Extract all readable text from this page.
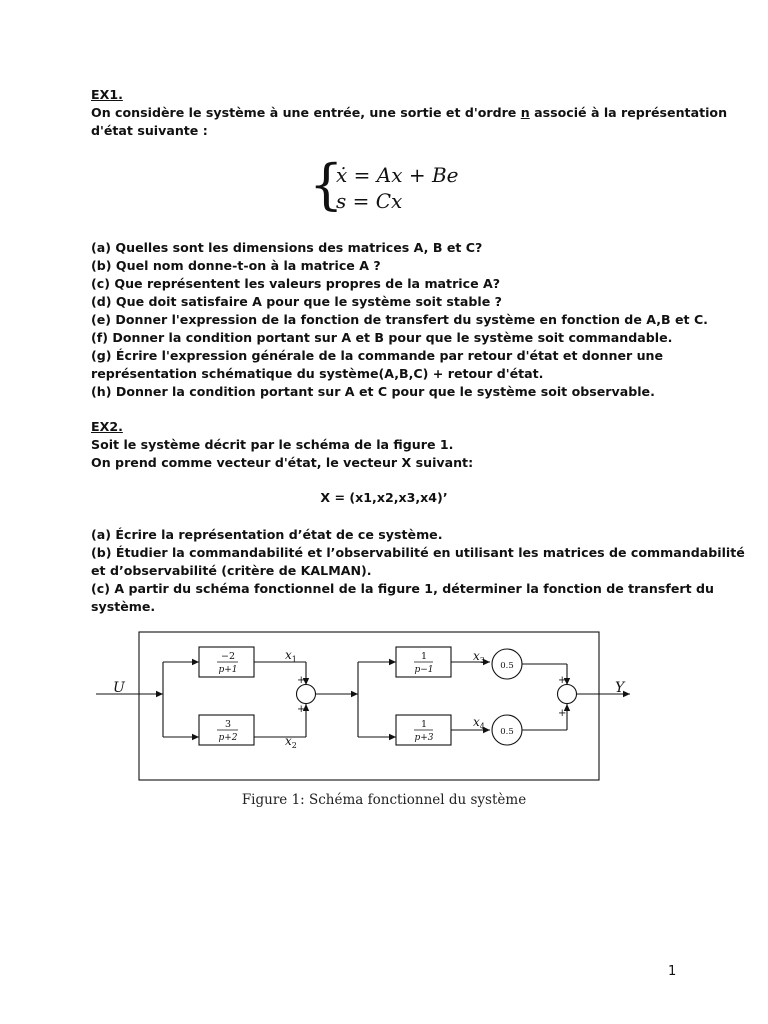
EX1.
On considère le système à une entrée, une sortie et d'ordre n associé à la représentation
d'état suivante :
{
ẋ = Ax + Be
s = Cx
(a) Quelles sont les dimensions des matrices A, B et C?
(b) Quel nom donne-t-on à la matrice A ?
(c) Que représentent les valeurs propres de la matrice A?
(d) Que doit satisfaire A pour que le système soit stable ?
(e) Donner l'expression de la fonction de transfert du système en fonction de A,B et C.
(f) Donner la condition portant sur A et B pour que le système soit commandable.
(g) Écrire l'expression générale de la commande par retour d'état et donner une
représentation schématique du système(A,B,C) + retour d'état.
(h) Donner la condition portant sur A et C pour que le système soit observable.
EX2.
Soit le système décrit par le schéma de la figure 1.
On prend comme vecteur d'état, le vecteur X suivant:
X = (x1,x2,x3,x4)’
(a) Écrire la représentation d’état de ce système.
(b) Étudier la commandabilité et l’observabilité en utilisant les matrices de commandabilité
et d’observabilité (critère de KALMAN).
(c) A partir du schéma fonctionnel de la figure 1, déterminer la fonction de transfert du
système.
U	Y
−2
p+1
3
p+2
1
p−1
1
p+3
$x_1$
$x_2$
$x_3$
$x_4$
0.5
0.5
+
+
+
+
Figure 1: Schéma fonctionnel du système
1
